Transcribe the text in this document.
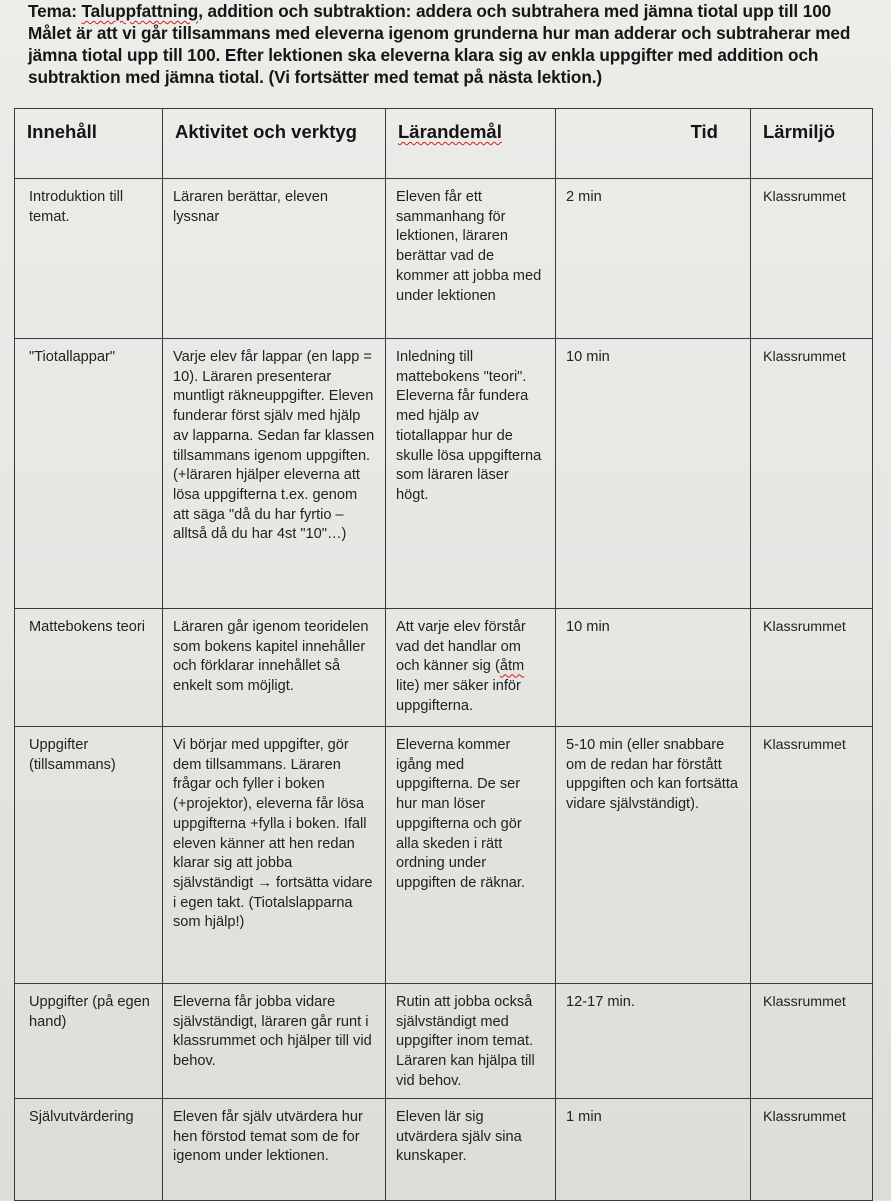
Tema: Taluppfattning, addition och subtraktion: addera och subtrahera med jämna tiotal upp till 100

Målet är att vi går tillsammans med eleverna igenom grunderna hur man adderar och subtraherar med jämna tiotal upp till 100. Efter lektionen ska eleverna klara sig av enkla uppgifter med addition och subtraktion med jämna tiotal. (Vi fortsätter med temat på nästa lektion.)

Innehåll	Aktivitet och verktyg	Lärandemål	Tid	Lärmiljö
Introduktion till temat.	Läraren berättar, eleven lyssnar	Eleven får ett sammanhang för lektionen, läraren berättar vad de kommer att jobba med under lektionen	2 min	Klassrummet
"Tiotallappar"	Varje elev får lappar (en lapp = 10). Läraren presenterar muntligt räkneuppgifter. Eleven funderar först själv med hjälp av lapparna. Sedan far klassen tillsammans igenom uppgiften. (+läraren hjälper eleverna att lösa uppgifterna t.ex. genom att säga "då du har fyrtio – alltså då du har 4st "10"…)	Inledning till mattebokens "teori". Eleverna får fundera med hjälp av tiotallappar hur de skulle lösa uppgifterna som läraren läser högt.	10 min	Klassrummet
Mattebokens teori	Läraren går igenom teoridelen som bokens kapitel innehåller och förklarar innehållet så enkelt som möjligt.	Att varje elev förstår vad det handlar om och känner sig (åtm lite) mer säker inför uppgifterna.	10 min	Klassrummet
Uppgifter (tillsammans)	Vi börjar med uppgifter, gör dem tillsammans. Läraren frågar och fyller i boken (+projektor), eleverna får lösa uppgifterna +fylla i boken. Ifall eleven känner att hen redan klarar sig att jobba självständigt → fortsätta vidare i egen takt. (Tiotalslapparna som hjälp!)	Eleverna kommer igång med uppgifterna. De ser hur man löser uppgifterna och gör alla skeden i rätt ordning under uppgiften de räknar.	5-10 min (eller snabbare om de redan har förstått uppgiften och kan fortsätta vidare självständigt).	Klassrummet
Uppgifter (på egen hand)	Eleverna får jobba vidare självständigt, läraren går runt i klassrummet och hjälper till vid behov.	Rutin att jobba också självständigt med uppgifter inom temat. Läraren kan hjälpa till vid behov.	12-17 min.	Klassrummet
Självutvärdering	Eleven får själv utvärdera hur hen förstod temat som de for igenom under lektionen.	Eleven lär sig utvärdera själv sina kunskaper.	1 min	Klassrummet
